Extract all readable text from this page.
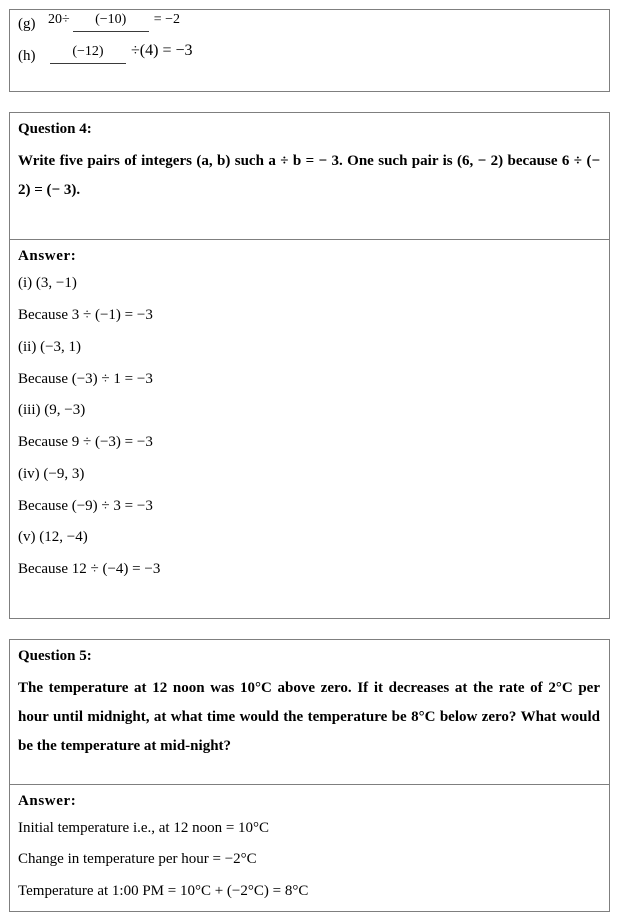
(g) 20÷ (−10) = −2
(h)	(−12) ÷(4) = −3

Question 4:

Write five pairs of integers (a, b) such a ÷ b = − 3. One such pair is (6, − 2) because 6 ÷ (− 2) = (− 3).

Answer:

(i) (3, −1)

Because 3 ÷ (−1) = −3

(ii) (−3, 1)

Because (−3) ÷ 1 = −3

(iii) (9, −3)

Because 9 ÷ (−3) = −3

(iv) (−9, 3)

Because (−9) ÷ 3 = −3

(v) (12, −4)

Because 12 ÷ (−4) = −3

Question 5:

The temperature at 12 noon was 10°C above zero. If it decreases at the rate of 2°C per hour until midnight, at what time would the temperature be 8°C below zero? What would be the temperature at mid-night?

Answer:

Initial temperature i.e., at 12 noon = 10°C

Change in temperature per hour = −2°C

Temperature at 1:00 PM = 10°C + (−2°C) = 8°C
